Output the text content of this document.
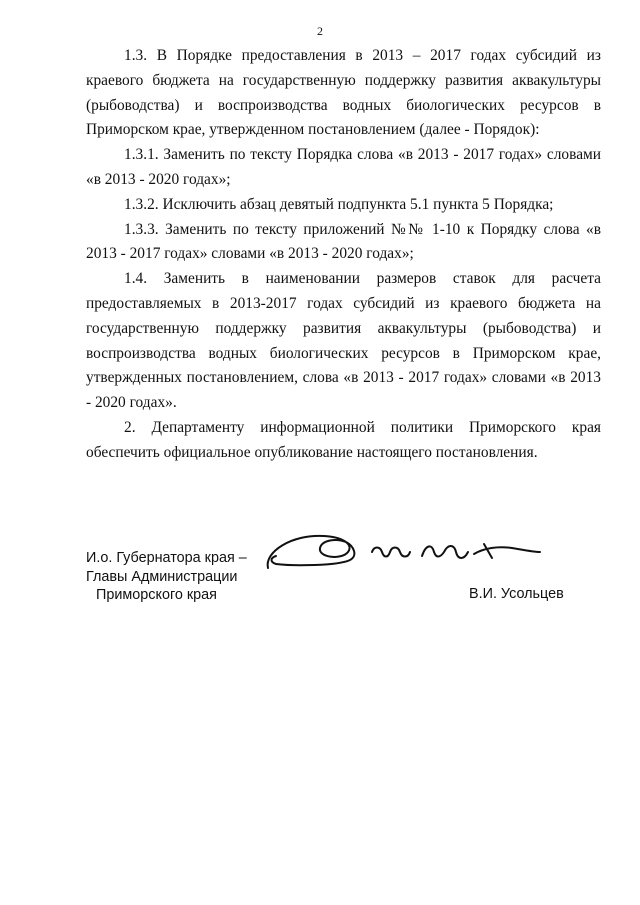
2

1.3. В Порядке предоставления в 2013 – 2017 годах субсидий из краевого бюджета на государственную поддержку развития аквакультуры (рыбоводства) и воспроизводства водных биологических ресурсов в Приморском крае, утвержденном постановлением (далее - Порядок):

1.3.1. Заменить по тексту Порядка слова «в 2013 - 2017 годах» словами «в 2013 - 2020 годах»;

1.3.2. Исключить абзац девятый подпункта 5.1 пункта 5 Порядка;

1.3.3. Заменить по тексту приложений №№ 1-10 к Порядку слова «в 2013 - 2017 годах» словами «в 2013 - 2020 годах»;

1.4. Заменить в наименовании размеров ставок для расчета предоставляемых в 2013-2017 годах субсидий из краевого бюджета на государственную поддержку развития аквакультуры (рыбоводства) и воспроизводства водных биологических ресурсов в Приморском крае, утвержденных постановлением, слова «в 2013 - 2017 годах» словами «в 2013 - 2020 годах».

2. Департаменту информационной политики Приморского края обеспечить официальное опубликование настоящего постановления.

И.о. Губернатора края –
Главы Администрации
Приморского края	В.И. Усольцев
